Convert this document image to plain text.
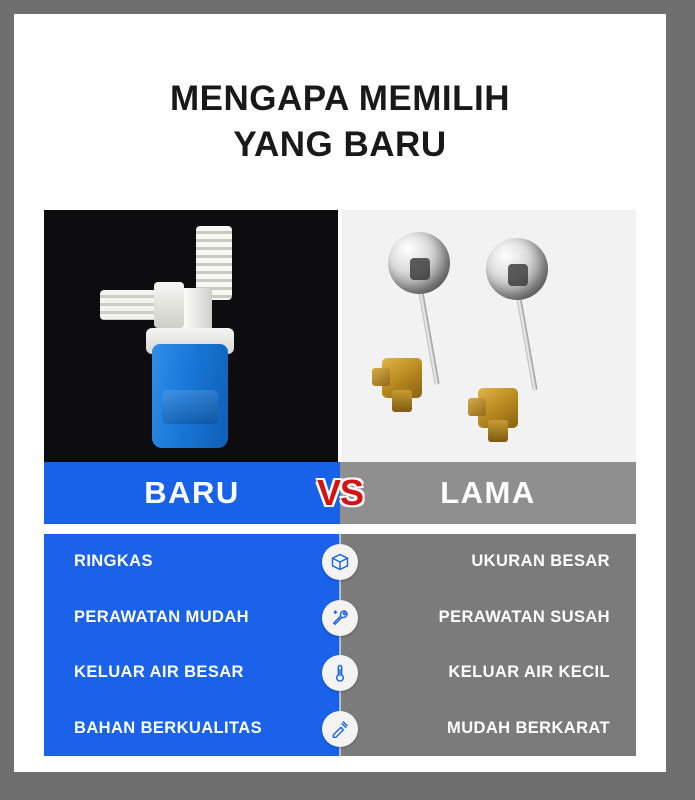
MENGAPA MEMILIH
YANG BARU
BARU	LAMA
VS
RINGKAS
PERAWATAN MUDAH
KELUAR AIR BESAR
BAHAN BERKUALITAS
UKURAN BESAR
PERAWATAN SUSAH
KELUAR AIR KECIL
MUDAH BERKARAT
